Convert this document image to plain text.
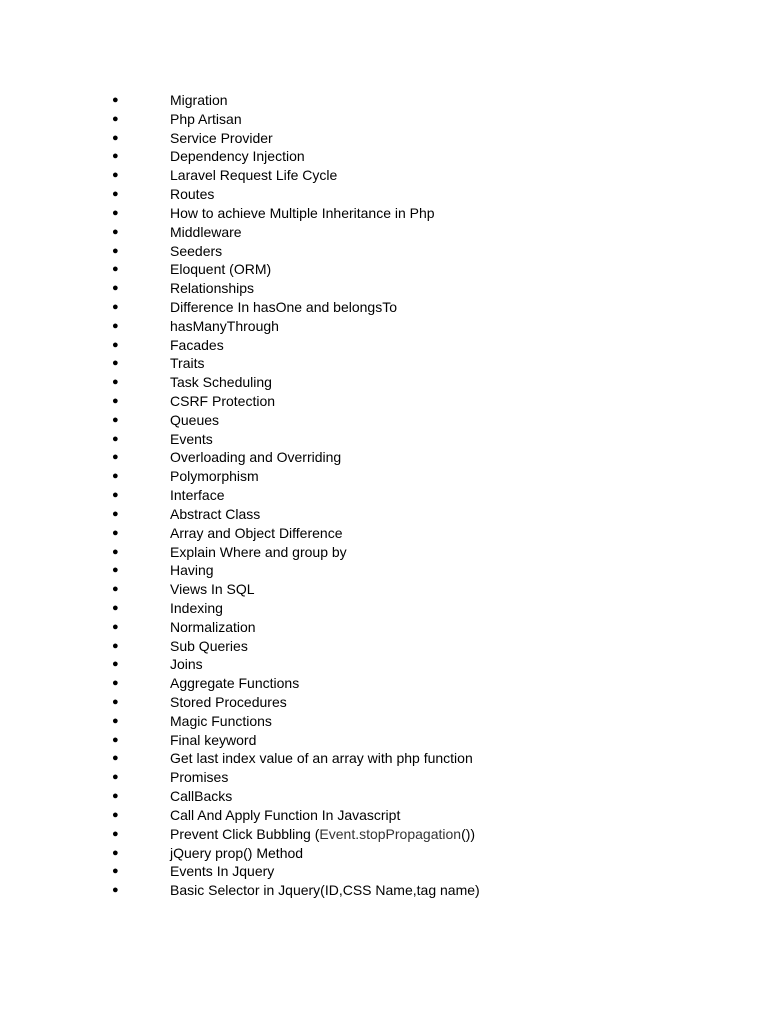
●	Migration
●	Php Artisan
●	Service Provider
●	Dependency Injection
●	Laravel Request Life Cycle
●	Routes
●	How to achieve Multiple Inheritance in Php
●	Middleware
●	Seeders
●	Eloquent (ORM)
●	Relationships
●	Difference In hasOne and belongsTo
●	hasManyThrough
●	Facades
●	Traits
●	Task Scheduling
●	CSRF Protection
●	Queues
●	Events
●	Overloading and Overriding
●	Polymorphism
●	Interface
●	Abstract Class
●	Array and Object Difference
●	Explain Where and group by
●	Having
●	Views In SQL
●	Indexing
●	Normalization
●	Sub Queries
●	Joins
●	Aggregate Functions
●	Stored Procedures
●	Magic Functions
●	Final keyword
●	Get last index value of an array with php function
●	Promises
●	CallBacks
●	Call And Apply Function In Javascript
●	Prevent Click Bubbling (Event.stopPropagation())
●	jQuery prop() Method
●	Events In Jquery
●	Basic Selector in Jquery(ID,CSS Name,tag name)
